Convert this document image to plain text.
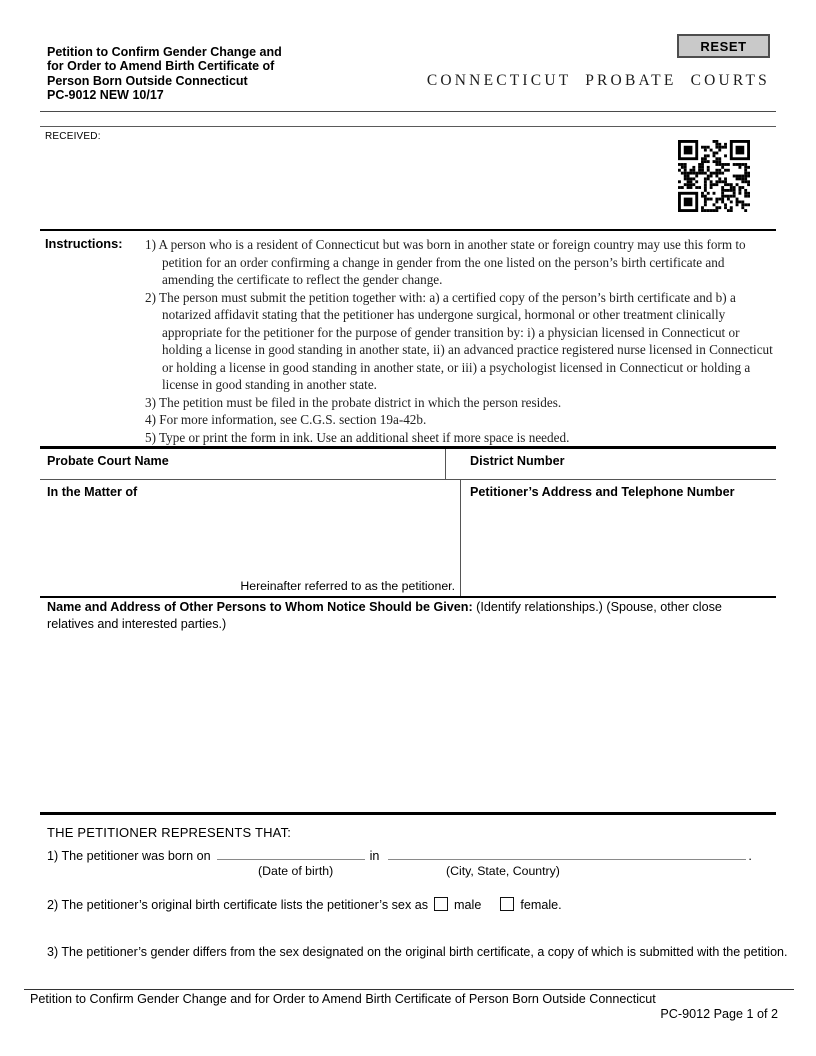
Petition to Confirm Gender Change and
for Order to Amend Birth Certificate of
Person Born Outside Connecticut
PC-9012 NEW 10/17
RESET
CONNECTICUT PROBATE COURTS
RECEIVED:
Instructions:	1) A person who is a resident of Connecticut but was born in another state or foreign country may use this form to petition for an order confirming a change in gender from the one listed on the person’s birth certificate and amending the certificate to reflect the gender change.
2) The person must submit the petition together with: a) a certified copy of the person’s birth certificate and b) a notarized affidavit stating that the petitioner has undergone surgical, hormonal or other treatment clinically appropriate for the petitioner for the purpose of gender transition by: i) a physician licensed in Connecticut or holding a license in good standing in another state, ii) an advanced practice registered nurse licensed in Connecticut or holding a license in good standing in another state, or iii) a psychologist licensed in Connecticut or holding a license in good standing in another state.
3) The petition must be filed in the probate district in which the person resides.
4) For more information, see C.G.S. section 19a-42b.
5) Type or print the form in ink. Use an additional sheet if more space is needed.
Probate Court Name	District Number
In the Matter of
Hereinafter referred to as the petitioner.
Petitioner’s Address and Telephone Number
Name and Address of Other Persons to Whom Notice Should be Given: (Identify relationships.) (Spouse, other close relatives and interested parties.)
THE PETITIONER REPRESENTS THAT:
1) The petitioner was born on	in	.
(Date of birth)	(City, State, Country)
2) The petitioner’s original birth certificate lists the petitioner’s sex as male	female.
3) The petitioner’s gender differs from the sex designated on the original birth certificate, a copy of which is submitted with the petition.
Petition to Confirm Gender Change and for Order to Amend Birth Certificate of Person Born Outside Connecticut
PC-9012 Page 1 of 2
